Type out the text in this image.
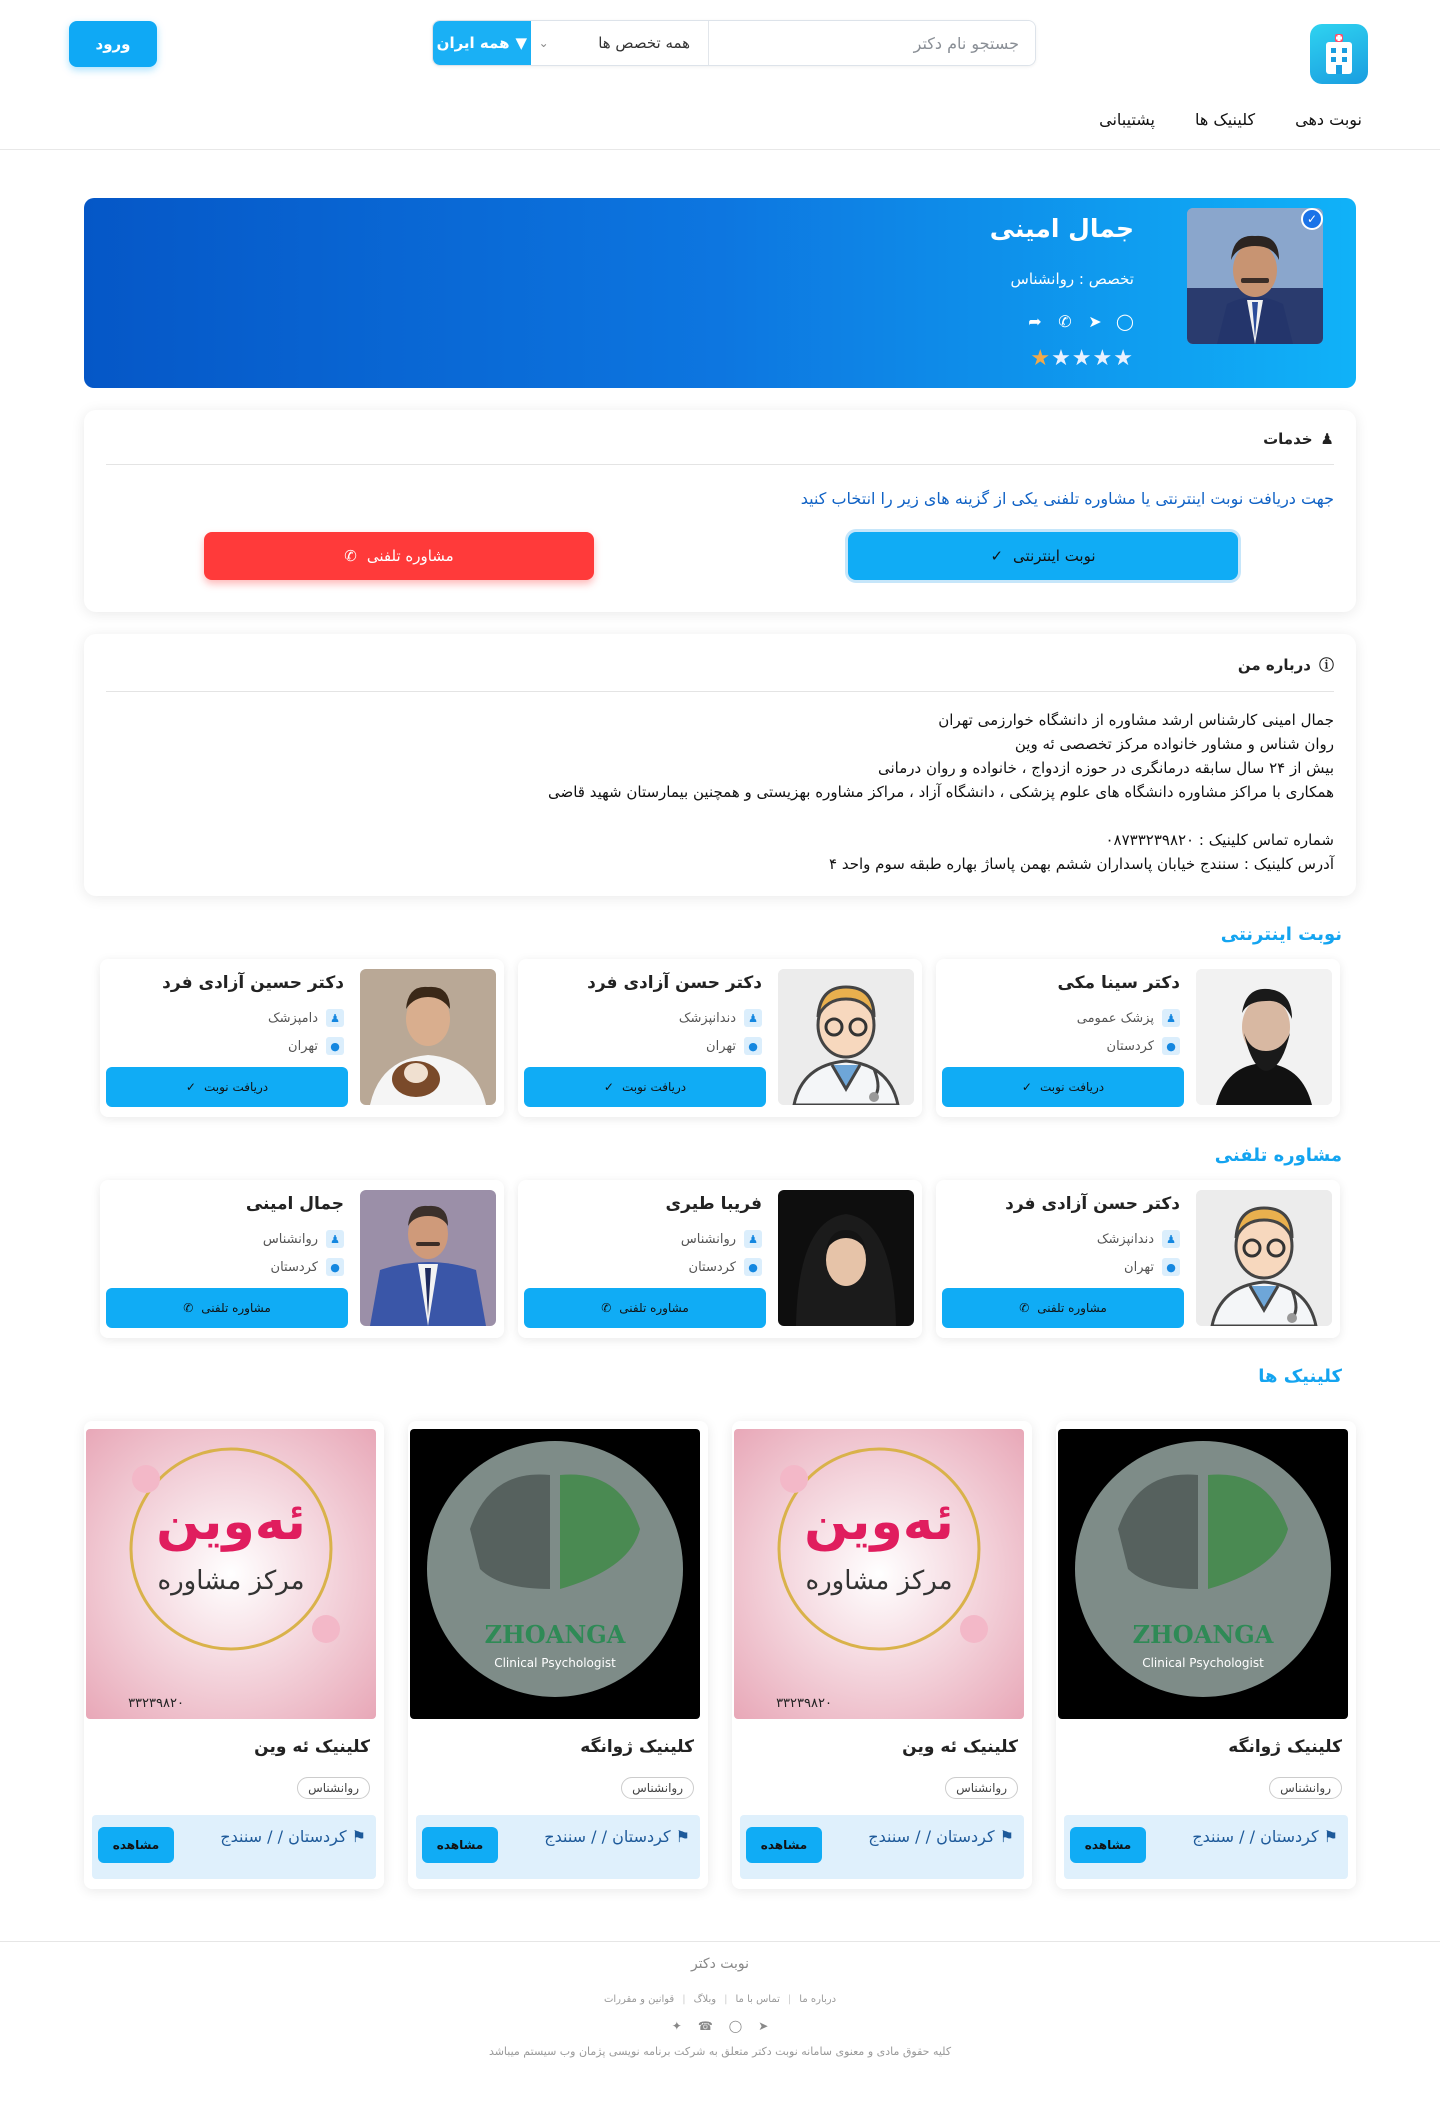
جستجو نام دکتر
همه تخصص ها
⌄
▼
همه ایران
ورود
نوبت دهی
کلینیک ها
پشتیبانی
✓
جمال امینی
تخصص : روانشناس
◯
➤
✆
➦
★★★★★
♟
خدمات
جهت دریافت نوبت اینترنتی یا مشاوره تلفنی یکی از گزینه های زیر را انتخاب کنید
نوبت اینترنتی
✓
مشاوره تلفنی
✆
ⓘ
درباره من

جمال امینی کارشناس ارشد مشاوره از دانشگاه خوارزمی تهران

روان شناس و مشاور خانواده مرکز تخصصی ئه وین

بیش از ۲۴ سال سابقه درمانگری در حوزه ازدواج ، خانواده و روان درمانی

همکاری با مراکز مشاوره دانشگاه های علوم پزشکی ، دانشگاه آزاد ، مراکز مشاوره بهزیستی و همچنین بیمارستان شهید قاضی

شماره تماس کلینیک : ۰۸۷۳۳۲۳۹۸۲۰

آدرس کلینیک : سنندج خیابان پاسداران ششم بهمن پاساژ بهاره طبقه سوم واحد ۴

نوبت اینترنتی
دکتر سینا مکی
♟
پزشک عمومی
●
کردستان
دریافت نوبت
✓
دکتر حسن آزادی فرد
♟
دندانپزشک
●
تهران
دریافت نوبت
✓
دکتر حسین آزادی فرد
♟
دامپزشک
●
تهران
دریافت نوبت
✓
مشاوره تلفنی
دکتر حسن آزادی فرد
♟
دندانپزشک
●
تهران
مشاوره تلفنی
✆
فریبا طیری
♟
روانشناس
●
کردستان
مشاوره تلفنی
✆
جمال امینی
♟
روانشناس
●
کردستان
مشاوره تلفنی
✆
کلینیک ها
ZHOANGA
Clinical Psychologist
کلینیک ژوانگه
روانشناس
⚑ کردستان / / سنندج
مشاهده
ئەوین
مرکز مشاوره
۳۳۲۳۹۸۲۰
کلینیک ئه وین
روانشناس
⚑ کردستان / / سنندج
مشاهده
ZHOANGA
Clinical Psychologist
کلینیک ژوانگه
روانشناس
⚑ کردستان / / سنندج
مشاهده
ئەوین
مرکز مشاوره
۳۳۲۳۹۸۲۰
کلینیک ئه وین
روانشناس
⚑ کردستان / / سنندج
مشاهده
نوبت دکتر
درباره ما
|
تماس با ما
|
وبلاگ
|
قوانین و مقررات
➤
◯
☎
✦
کلیه حقوق مادی و معنوی سامانه نوبت دکتر متعلق به شرکت برنامه نویسی پژمان وب سیستم میباشد
